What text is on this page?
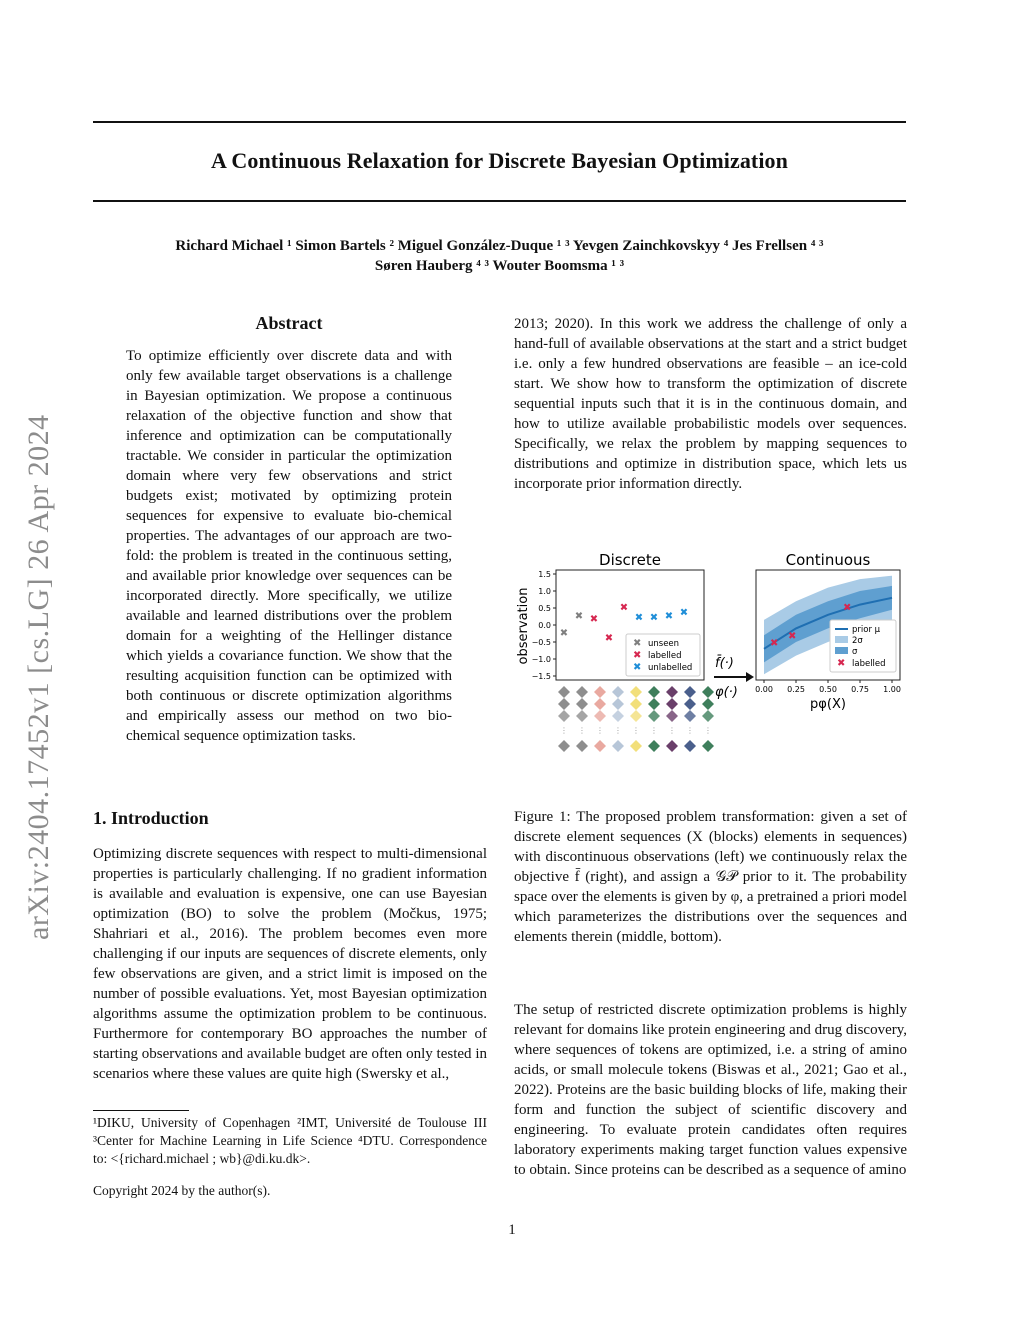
A Continuous Relaxation for Discrete Bayesian Optimization
Richard Michael ¹ Simon Bartels ² Miguel González-Duque ¹ ³ Yevgen Zainchkovskyy ⁴ Jes Frellsen ⁴ ³
Søren Hauberg ⁴ ³ Wouter Boomsma ¹ ³
arXiv:2404.17452v1 [cs.LG] 26 Apr 2024
Abstract
To optimize efficiently over discrete data and with only few available target observations is a challenge in Bayesian optimization. We propose a continuous relaxation of the objective function and show that inference and optimization can be computationally tractable. We consider in particular the optimization domain where very few observations and strict budgets exist; motivated by optimizing protein sequences for expensive to evaluate bio-chemical properties. The advantages of our approach are two-fold: the problem is treated in the continuous setting, and available prior knowledge over sequences can be incorporated directly. More specifically, we utilize available and learned distributions over the problem domain for a weighting of the Hellinger distance which yields a covariance function. We show that the resulting acquisition function can be optimized with both continuous or discrete optimization algorithms and empirically assess our method on two bio-chemical sequence optimization tasks.
1. Introduction
Optimizing discrete sequences with respect to multi-dimensional properties is particularly challenging. If no gradient information is available and evaluation is expensive, one can use Bayesian optimization (BO) to solve the problem (Močkus, 1975; Shahriari et al., 2016). The problem becomes even more challenging if our inputs are sequences of discrete elements, only few observations are given, and a strict limit is imposed on the number of possible evaluations. Yet, most Bayesian optimization algorithms assume the optimization problem to be continuous. Furthermore for contemporary BO approaches the number of starting observations and available budget are often only tested in scenarios where these values are quite high (Swersky et al.,
¹DIKU, University of Copenhagen ²IMT, Université de Toulouse III ³Center for Machine Learning in Life Science ⁴DTU. Correspondence to: <{richard.michael ; wb}@di.ku.dk>.
Copyright 2024 by the author(s).
2013; 2020). In this work we address the challenge of only a hand-full of available observations at the start and a strict budget i.e. only a few hundred observations are feasible – an ice-cold start. We show how to transform the optimization of discrete sequential inputs such that it is in the continuous domain, and how to utilize available probabilistic models over sequences. Specifically, we relax the problem by mapping sequences to distributions and optimize in distribution space, which lets us incorporate prior information directly.
Discrete
observation
1.5
1.0
0.5
0.0
−0.5
−1.0
−1.5
✖
✖ ✖
✖
✖
✖ ✖ ✖ ✖
✖ unseen
✖ labelled
✖ unlabelled
⋮ ⋮ ⋮ ⋮ ⋮ ⋮ ⋮ ⋮ ⋮
f̄(·)
φ(·)
Continuous
✖
✖
✖
0.00 0.25 0.50 0.75 1.00
pφ(X)
prior μ
2σ
σ
✖ labelled
Figure 1: The proposed problem transformation: given a set of discrete element sequences (X (blocks) elements in sequences) with discontinuous observations (left) we continuously relax the objective f̄ (right), and assign a 𝒢𝒫 prior to it. The probability space over the elements is given by φ, a pretrained a priori model which parameterizes the distributions over the sequences and elements therein (middle, bottom).
The setup of restricted discrete optimization problems is highly relevant for domains like protein engineering and drug discovery, where sequences of tokens are optimized, i.e. a string of amino acids, or small molecule tokens (Biswas et al., 2021; Gao et al., 2022). Proteins are the basic building blocks of life, making their form and function the subject of scientific discovery and engineering. To evaluate protein candidates often requires laboratory experiments making target function values expensive to obtain. Since proteins can be described as a sequence of amino
1
